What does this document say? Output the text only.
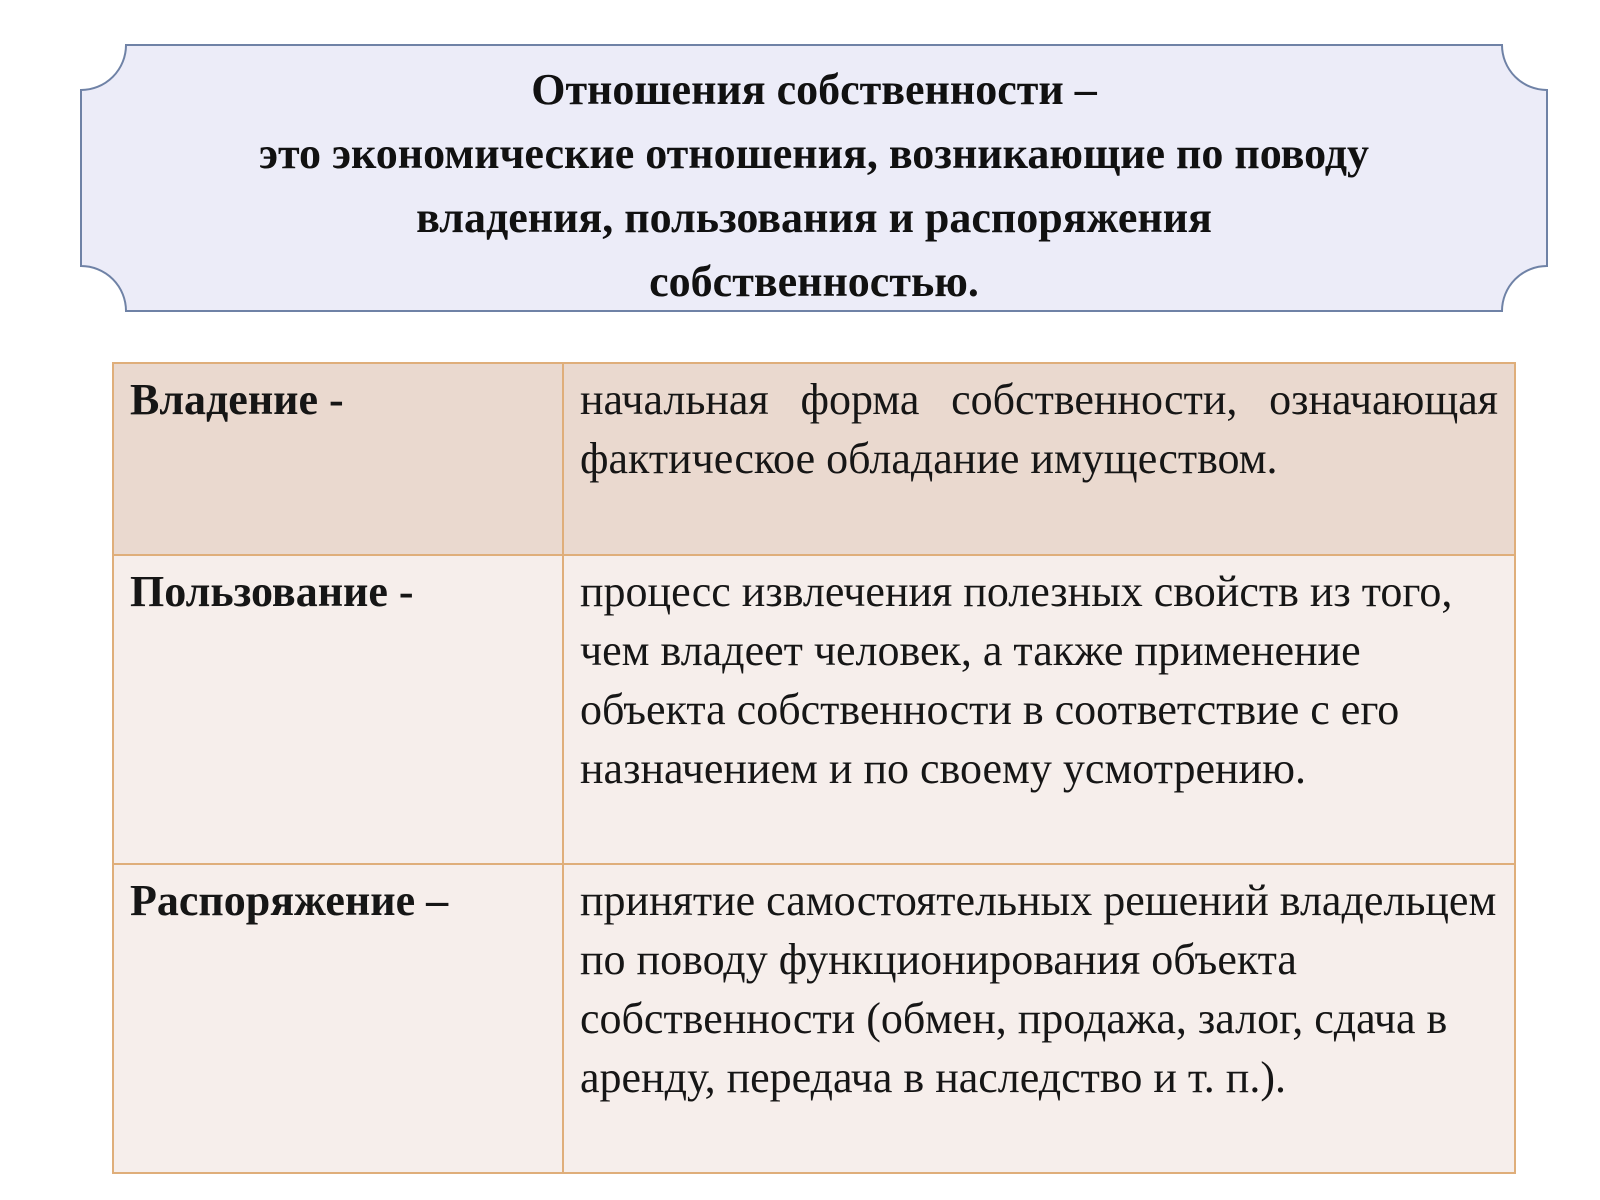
Отношения собственности –
это экономические отношения, возникающие по поводу
владения, пользования и распоряжения
собственностью.
Владение -	начальная форма собственности, означающая фактическое обладание имуществом.
Пользование -	процесс извлечения полезных свойств из того, чем владеет человек, а также применение объекта собственности в соответствие с его назначением и по своему усмотрению.
Распоряжение –	принятие самостоятельных решений владельцем по поводу функционирования объекта собственности (обмен, продажа, залог, сдача в аренду, передача в наследство и т. п.).
